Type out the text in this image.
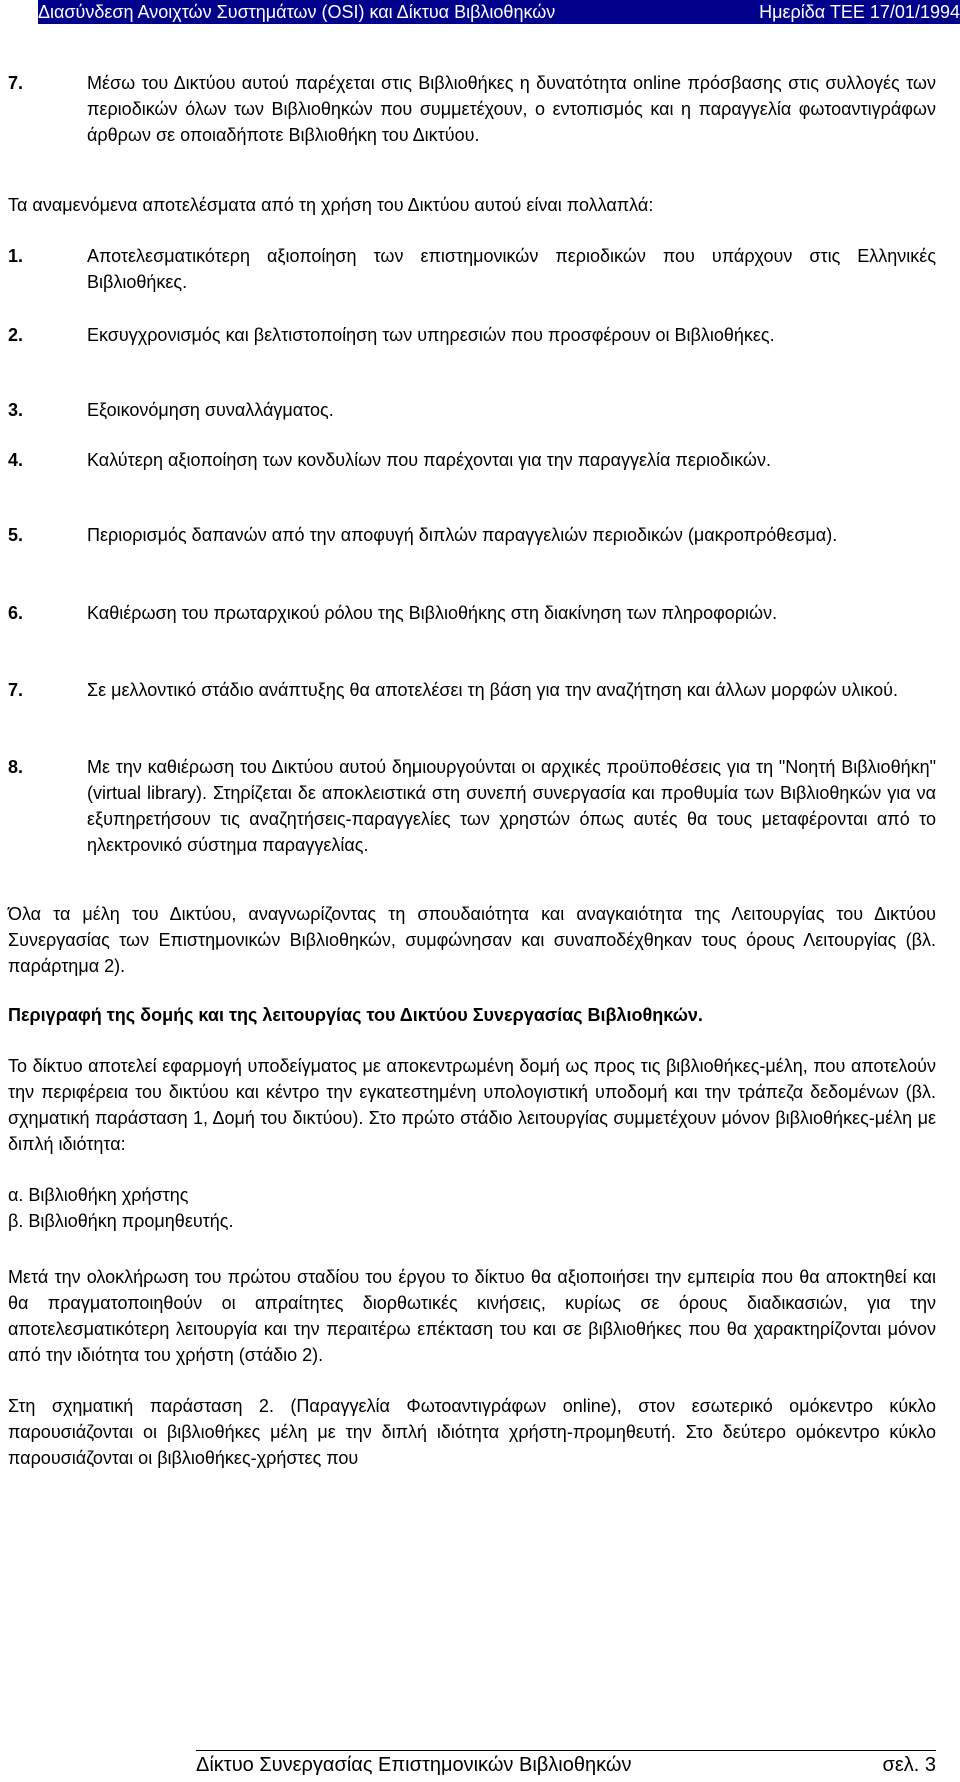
Διασύνδεση Ανοιχτών Συστημάτων (OSI) και Δίκτυα Βιβλιοθηκών	Ημερίδα ΤΕΕ 17/01/1994
7.	Μέσω του Δικτύου αυτού παρέχεται στις Βιβλιοθήκες η δυνατότητα online πρόσβασης στις συλλογές των περιοδικών όλων των Βιβλιοθηκών που συμμετέχουν, ο εντοπισμός και η παραγγελία φωτοαντιγράφων άρθρων σε οποιαδήποτε Βιβλιοθήκη του Δικτύου.

Τα αναμενόμενα αποτελέσματα από τη χρήση του Δικτύου αυτού είναι πολλαπλά:

1.	Αποτελεσματικότερη αξιοποίηση των επιστημονικών περιοδικών που υπάρχουν στις Ελληνικές Βιβλιοθήκες.

2.	Εκσυγχρονισμός και βελτιστοποίηση των υπηρεσιών που προσφέρουν οι Βιβλιοθήκες.

3.	Εξοικονόμηση συναλλάγματος.

4.	Καλύτερη αξιοποίηση των κονδυλίων που παρέχονται για την παραγγελία περιοδικών.

5.	Περιορισμός δαπανών από την αποφυγή διπλών παραγγελιών περιοδικών (μακροπρόθεσμα).

6.	Καθιέρωση του πρωταρχικού ρόλου της Βιβλιοθήκης στη διακίνηση των πληροφοριών.

7.	Σε μελλοντικό στάδιο ανάπτυξης θα αποτελέσει τη βάση για την αναζήτηση και άλλων μορφών υλικού.

8.	Με την καθιέρωση του Δικτύου αυτού δημιουργούνται οι αρχικές προϋποθέσεις για τη "Νοητή Βιβλιοθήκη" (virtual library). Στηρίζεται δε αποκλειστικά στη συνεπή συνεργασία και προθυμία των Βιβλιοθηκών για να εξυπηρετήσουν τις αναζητήσεις-παραγγελίες των χρηστών όπως αυτές θα τους μεταφέρονται από το ηλεκτρονικό σύστημα παραγγελίας.

Όλα τα μέλη του Δικτύου, αναγνωρίζοντας τη σπουδαιότητα και αναγκαιότητα της Λειτουργίας του Δικτύου Συνεργασίας των Επιστημονικών Βιβλιοθηκών, συμφώνησαν και συναποδέχθηκαν τους όρους Λειτουργίας (βλ. παράρτημα 2).

Περιγραφή της δομής και της λειτουργίας του Δικτύου Συνεργασίας Βιβλιοθηκών.

Το δίκτυο αποτελεί εφαρμογή υποδείγματος με αποκεντρωμένη δομή ως προς τις βιβλιοθήκες-μέλη, που αποτελούν την περιφέρεια του δικτύου και κέντρο την εγκατεστημένη υπολογιστική υποδομή και την τράπεζα δεδομένων (βλ. σχηματική παράσταση 1, Δομή του δικτύου). Στο πρώτο στάδιο λειτουργίας συμμετέχουν μόνον βιβλιοθήκες-μέλη με διπλή ιδιότητα:

α. Βιβλιοθήκη χρήστης

β. Βιβλιοθήκη προμηθευτής.

Μετά την ολοκλήρωση του πρώτου σταδίου του έργου το δίκτυο θα αξιοποιήσει την εμπειρία που θα αποκτηθεί και θα πραγματοποιηθούν οι απραίτητες διορθωτικές κινήσεις, κυρίως σε όρους διαδικασιών, για την αποτελεσματικότερη λειτουργία και την περαιτέρω επέκταση του και σε βιβλιοθήκες που θα χαρακτηρίζονται μόνον από την ιδιότητα του χρήστη (στάδιο 2).

Στη σχηματική παράσταση 2. (Παραγγελία Φωτοαντιγράφων online), στον εσωτερικό ομόκεντρο κύκλο παρουσιάζονται οι βιβλιοθήκες μέλη με την διπλή ιδιότητα χρήστη-προμηθευτή. Στο δεύτερο ομόκεντρο κύκλο παρουσιάζονται οι βιβλιοθήκες-χρήστες που

Δίκτυο Συνεργασίας Επιστημονικών Βιβλιοθηκών	σελ. 3
